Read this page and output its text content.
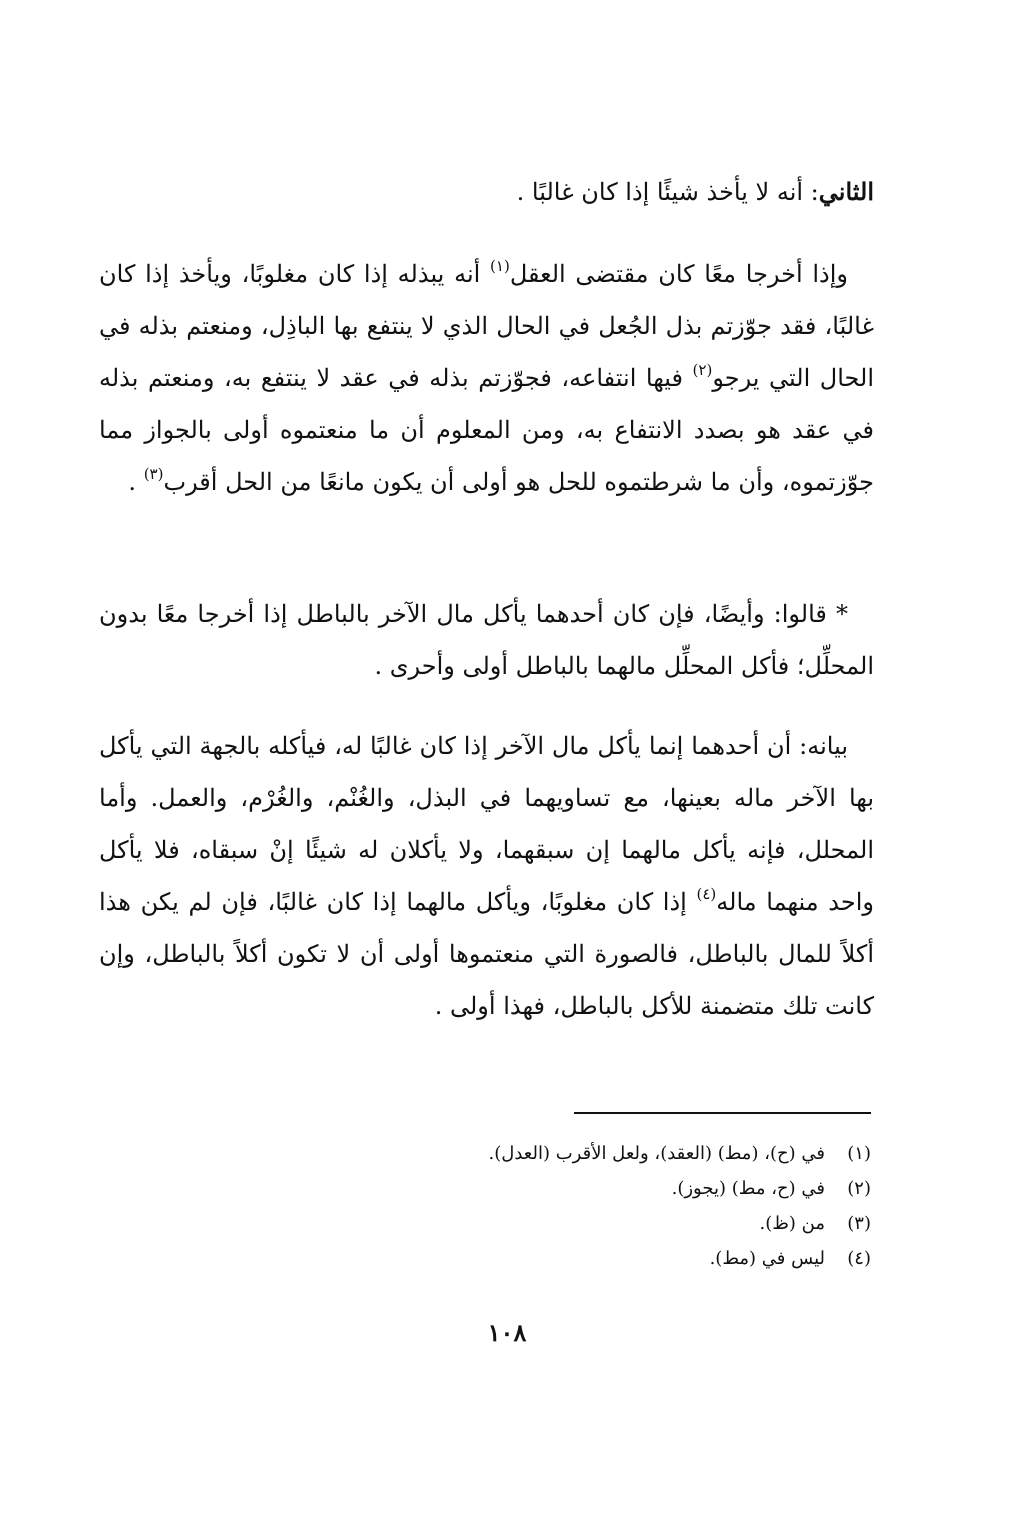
الثاني: أنه لا يأخذ شيئًا إذا كان غالبًا .

وإذا أخرجا معًا كان مقتضى العقل$^{(١)}$ أنه يبذله إذا كان مغلوبًا، ويأخذ إذا كان غالبًا، فقد جوّزتم بذل الجُعل في الحال الذي لا ينتفع بها الباذِل، ومنعتم بذله في الحال التي يرجو$^{(٢)}$ فيها انتفاعه، فجوّزتم بذله في عقد لا ينتفع به، ومنعتم بذله في عقد هو بصدد الانتفاع به، ومن المعلوم أن ما منعتموه أولى بالجواز مما جوّزتموه، وأن ما شرطتموه للحل هو أولى أن يكون مانعًا من الحل أقرب$^{(٣)}$ .

* قالوا: وأيضًا، فإن كان أحدهما يأكل مال الآخر بالباطل إذا أخرجا معًا بدون المحلِّل؛ فأكل المحلِّل مالهما بالباطل أولى وأحرى .

بيانه: أن أحدهما إنما يأكل مال الآخر إذا كان غالبًا له، فيأكله بالجهة التي يأكل بها الآخر ماله بعينها، مع تساويهما في البذل، والغُنْم، والغُرْم، والعمل. وأما المحلل، فإنه يأكل مالهما إن سبقهما، ولا يأكلان له شيئًا إنْ سبقاه، فلا يأكل واحد منهما ماله$^{(٤)}$ إذا كان مغلوبًا، ويأكل مالهما إذا كان غالبًا، فإن لم يكن هذا أكلاً للمال بالباطل، فالصورة التي منعتموها أولى أن لا تكون أكلاً بالباطل، وإن كانت تلك متضمنة للأكل بالباطل، فهذا أولى .

(١)
في (ح)، (مط) (العقد)، ولعل الأقرب (العدل).
(٢)
في (ح، مط) (يجوز).
(٣)
من (ظ).
(٤)
ليس في (مط).
١٠٨
